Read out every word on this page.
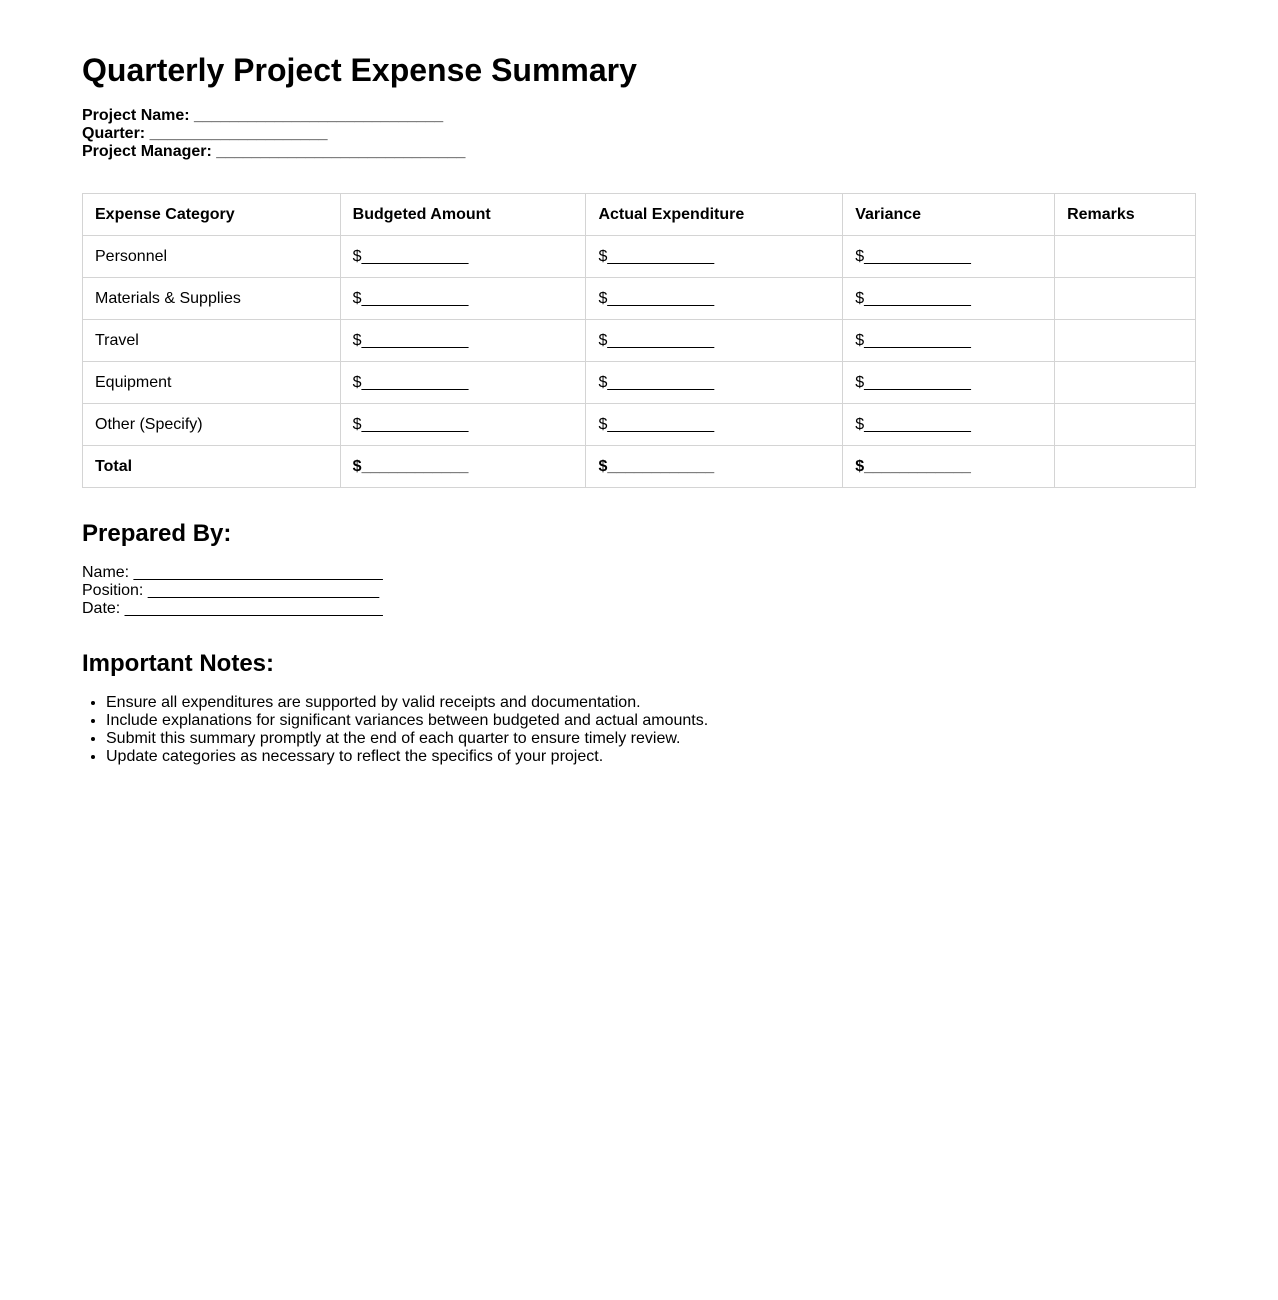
Quarterly Project Expense Summary
Project Name: ____________________________
Quarter: ____________________
Project Manager: ____________________________
Expense Category	Budgeted Amount	Actual Expenditure	Variance	Remarks
Personnel	$____________	$____________	$____________	
Materials & Supplies	$____________	$____________	$____________	
Travel	$____________	$____________	$____________	
Equipment	$____________	$____________	$____________	
Other (Specify)	$____________	$____________	$____________	
Total	$____________	$____________	$____________	
Prepared By:
Name: ____________________________
Position: __________________________
Date: _____________________________
Important Notes:
• Ensure all expenditures are supported by valid receipts and documentation.
• Include explanations for significant variances between budgeted and actual amounts.
• Submit this summary promptly at the end of each quarter to ensure timely review.
• Update categories as necessary to reflect the specifics of your project.
